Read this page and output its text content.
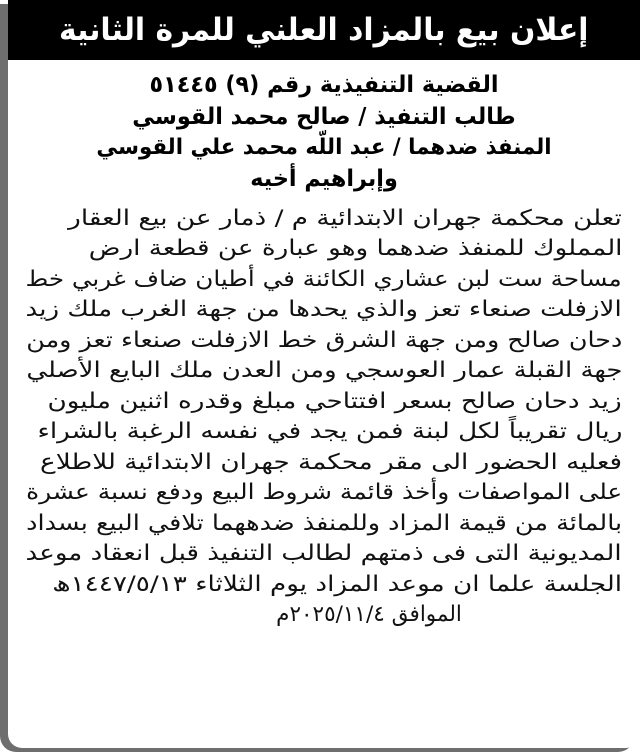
إعلان بيع بالمزاد العلني للمرة الثانية
القضية التنفيذية رقم (٩) ٥١٤٤٥
طالب التنفيذ / صالح محمد القوسي
المنفذ ضدهما / عبد اللّه محمد علي القوسي
وإبراهيم أخيه
تعلن محكمة جهران الابتدائية م / ذمار عن بيع العقار
المملوك للمنفذ ضدهما وهو عبارة عن قطعة ارض
مساحة ست لبن عشاري الكائنة في أطيان ضاف غربي خط
الازفلت صنعاء تعز والذي يحدها من جهة الغرب ملك زيد
دحان صالح ومن جهة الشرق خط الازفلت صنعاء تعز ومن
جهة القبلة عمار العوسجي ومن العدن ملك البايع الأصلي
زيد دحان صالح بسعر افتتاحي مبلغ وقدره اثنين مليون
ريال تقريباً لكل لبنة فمن يجد في نفسه الرغبة بالشراء
فعليه الحضور الى مقر محكمة جهران الابتدائية للاطلاع
على المواصفات وأخذ قائمة شروط البيع ودفع نسبة عشرة
بالمائة من قيمة المزاد وللمنفذ ضدههما تلافي البيع بسداد
المديونية التى فى ذمتهم لطالب التنفيذ قبل انعقاد موعد
الجلسة علما ان موعد المزاد يوم الثلاثاء ١٤٤٧/٥/١٣ھ
الموافق ٢٠٢٥/١١/٤م
